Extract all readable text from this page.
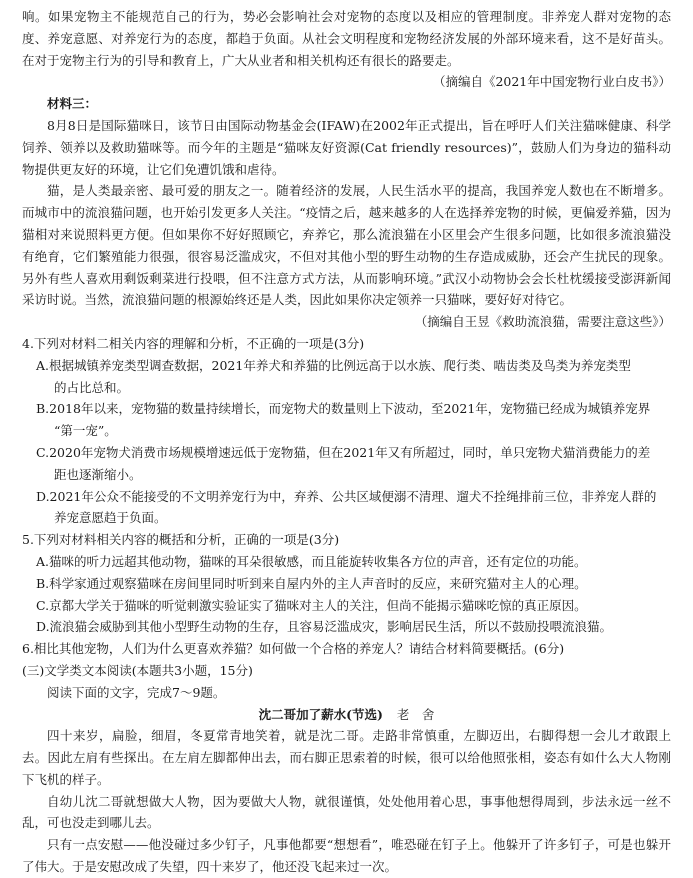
响。如果宠物主不能规范自己的行为，势必会影响社会对宠物的态度以及相应的管理制度。非养宠人群对宠物的态度、养宠意愿、对养宠行为的态度，都趋于负面。从社会文明程度和宠物经济发展的外部环境来看，这不是好苗头。在对于宠物主行为的引导和教育上，广大从业者和相关机构还有很长的路要走。

（摘编自《2021年中国宠物行业白皮书》）

材料三：

8月8日是国际猫咪日，该节日由国际动物基金会(IFAW)在2002年正式提出，旨在呼吁人们关注猫咪健康、科学饲养、领养以及救助猫咪等。而今年的主题是“猫咪友好资源(Cat friendly resources)”，鼓励人们为身边的猫科动物提供更友好的环境，让它们免遭饥饿和虐待。

猫，是人类最亲密、最可爱的朋友之一。随着经济的发展，人民生活水平的提高，我国养宠人数也在不断增多。而城市中的流浪猫问题，也开始引发更多人关注。“疫情之后，越来越多的人在选择养宠物的时候，更偏爱养猫，因为猫相对来说照料更方便。但如果你不好好照顾它，弃养它，那么流浪猫在小区里会产生很多问题，比如很多流浪猫没有绝育，它们繁殖能力很强，很容易泛滥成灾，不但对其他小型的野生动物的生存造成威胁，还会产生扰民的现象。另外有些人喜欢用剩饭剩菜进行投喂，但不注意方式方法，从而影响环境。”武汉小动物协会会长杜枕缓接受澎湃新闻采访时说。当然，流浪猫问题的根源始终还是人类，因此如果你决定领养一只猫咪，要好好对待它。

（摘编自王昱《救助流浪猫，需要注意这些》）

4.下列对材料二相关内容的理解和分析，不正确的一项是(3分)

A.根据城镇养宠类型调查数据，2021年养犬和养猫的比例远高于以水族、爬行类、啮齿类及鸟类为养宠类型

的占比总和。

B.2018年以来，宠物猫的数量持续增长，而宠物犬的数量则上下波动，至2021年，宠物猫已经成为城镇养宠界

“第一宠”。

C.2020年宠物犬消费市场规模增速远低于宠物猫，但在2021年又有所超过，同时，单只宠物犬猫消费能力的差

距也逐渐缩小。

D.2021年公众不能接受的不文明养宠行为中，弃养、公共区域便溺不清理、遛犬不拴绳排前三位，非养宠人群的

养宠意愿趋于负面。

5.下列对材料相关内容的概括和分析，正确的一项是(3分)

A.猫咪的听力远超其他动物，猫咪的耳朵很敏感，而且能旋转收集各方位的声音，还有定位的功能。

B.科学家通过观察猫咪在房间里同时听到来自屋内外的主人声音时的反应，来研究猫对主人的心理。

C.京都大学关于猫咪的听觉刺激实验证实了猫咪对主人的关注，但尚不能揭示猫咪吃惊的真正原因。

D.流浪猫会威胁到其他小型野生动物的生存，且容易泛滥成灾，影响居民生活，所以不鼓励投喂流浪猫。

6.相比其他宠物，人们为什么更喜欢养猫？如何做一个合格的养宠人？请结合材料简要概括。(6分)

(三)文学类文本阅读(本题共3小题，15分)

阅读下面的文字，完成7～9题。

沈二哥加了薪水(节选) 老　舍

四十来岁，扁脸，细眉，冬夏常青地笑着，就是沈二哥。走路非常慎重，左脚迈出，右脚得想一会儿才敢跟上去。因此左肩有些探出。在左肩左脚都伸出去，而右脚正思索着的时候，很可以给他照张相，姿态有如什么大人物刚下飞机的样子。

自幼儿沈二哥就想做大人物，因为要做大人物，就很谨慎，处处他用着心思，事事他想得周到，步法永远一丝不乱，可也没走到哪儿去。

只有一点安慰——他没碰过多少钉子，凡事他都要“想想看”，唯恐碰在钉子上。他躲开了许多钉子，可是也躲开了伟大。于是安慰改成了失望，四十来岁了，他还没飞起来过一次。
